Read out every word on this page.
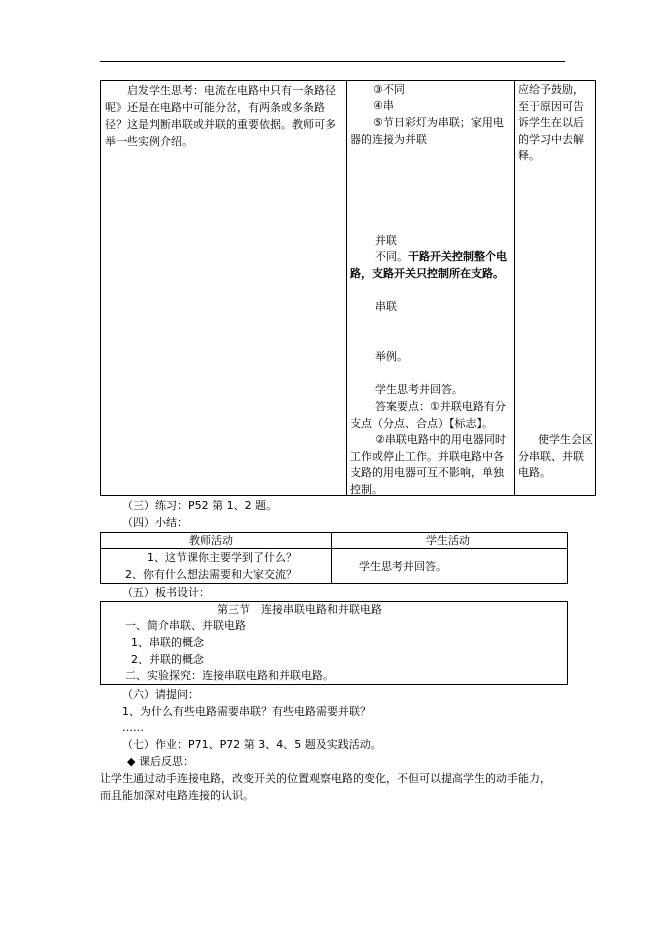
启发学生思考：电流在电路中只有一条路径呢》还是在电路中可能分岔，有两条或多条路径？这是判断串联或并联的重要依据。教师可多举一些实例介绍。
③不同
④串
⑤节日彩灯为串联；家用电器的连接为并联
并联
不同。干路开关控制整个电路，支路开关只控制所在支路。
串联
举例。
学生思考并回答。
答案要点：①并联电路有分支点（分点、合点）【标志】。
②串联电路中的用电器同时工作或停止工作。并联电路中各支路的用电器可互不影响，单独控制。
应给予鼓励，至于原因可告诉学生在以后的学习中去解释。
使学生会区分串联、并联电路。
（三）练习：P52 第 1、2 题。
（四）小结：
教师活动	学生活动
1、这节课你主要学到了什么？
2、你有什么想法需要和大家交流？
学生思考并回答。
（五）板书设计：
第三节　连接串联电路和并联电路
一、简介串联、并联电路
1、串联的概念
2、并联的概念
二、实验探究：连接串联电路和并联电路。
（六）请提问：
1、为什么有些电路需要串联？有些电路需要并联？
……
（七）作业：P71、P72 第 3、4、5 题及实践活动。
◆ 课后反思：
让学生通过动手连接电路，改变开关的位置观察电路的变化，不但可以提高学生的动手能力，
而且能加深对电路连接的认识。
